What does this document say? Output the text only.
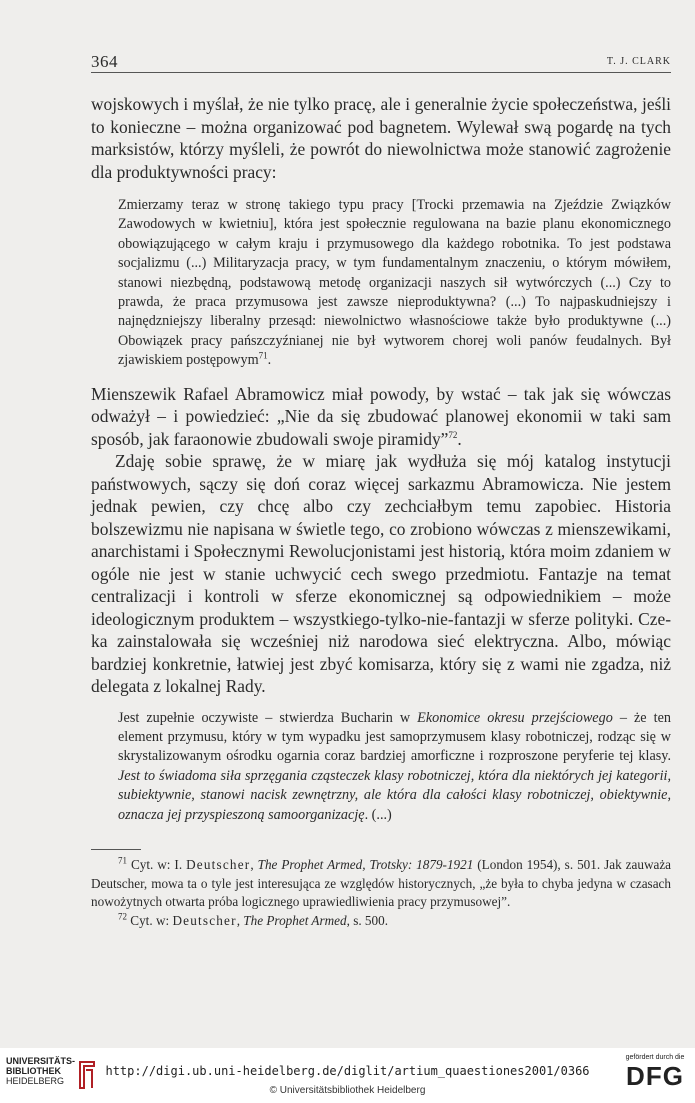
364	T. J. CLARK

wojskowych i myślał, że nie tylko pracę, ale i generalnie życie społeczeństwa, jeśli to konieczne – można organizować pod bagnetem. Wylewał swą pogardę na tych marksistów, którzy myśleli, że powrót do niewolnictwa może stanowić zagrożenie dla produktywności pracy:

Zmierzamy teraz w stronę takiego typu pracy [Trocki przemawia na Zjeździe Związków Zawodowych w kwietniu], która jest społecznie regulowana na bazie planu ekonomicznego obowiązującego w całym kraju i przymusowego dla każdego robotnika. To jest podstawa socjalizmu (...) Militaryzacja pracy, w tym fundamentalnym znaczeniu, o którym mówiłem, stanowi niezbędną, podstawową metodę organizacji naszych sił wytwórczych (...) Czy to prawda, że praca przymusowa jest zawsze nieproduktywna? (...) To najpaskudniejszy i najnędzniejszy liberalny przesąd: niewolnictwo własnościowe także było produktywne (...) Obowiązek pracy pańszczyźnianej nie był wytworem chorej woli panów feudalnych. Był zjawiskiem postępowym$^{71}$.

Mienszewik Rafael Abramowicz miał powody, by wstać – tak jak się wówczas odważył – i powiedzieć: „Nie da się zbudować planowej ekonomii w taki sam sposób, jak faraonowie zbudowali swoje piramidy”$^{72}$.

Zdaję sobie sprawę, że w miarę jak wydłuża się mój katalog instytucji państwowych, sączy się doń coraz więcej sarkazmu Abramowicza. Nie jestem jednak pewien, czy chcę albo czy zechciałbym temu zapobiec. Historia bolszewizmu nie napisana w świetle tego, co zrobiono wówczas z mienszewikami, anarchistami i Społecznymi Rewolucjonistami jest historią, która moim zdaniem w ogóle nie jest w stanie uchwycić cech swego przedmiotu. Fantazje na temat centralizacji i kontroli w sferze ekonomicznej są odpowiednikiem – może ideologicznym produktem – wszystkiego-tylko-nie-fantazji w sferze polityki. Cze-ka zainstalowała się wcześniej niż narodowa sieć elektryczna. Albo, mówiąc bardziej konkretnie, łatwiej jest zbyć komisarza, który się z wami nie zgadza, niż delegata z lokalnej Rady.

Jest zupełnie oczywiste – stwierdza Bucharin w Ekonomice okresu przejściowego – że ten element przymusu, który w tym wypadku jest samoprzymusem klasy robotniczej, rodząc się w skrystalizowanym ośrodku ogarnia coraz bardziej amorficzne i rozproszone peryferie tej klasy. Jest to świadoma siła sprzęgania cząsteczek klasy robotniczej, która dla niektórych jej kategorii, subiektywnie, stanowi nacisk zewnętrzny, ale która dla całości klasy robotniczej, obiektywnie, oznacza jej przyspieszoną samoorganizację. (...)

$^{71}$ Cyt. w: I. Deutscher, The Prophet Armed, Trotsky: 1879-1921 (London 1954), s. 501. Jak zauważa Deutscher, mowa ta o tyle jest interesująca ze względów historycznych, „że była to chyba jedyna w czasach nowożytnych otwarta próba logicznego uprawiedliwienia pracy przymusowej”.

$^{72}$ Cyt. w: Deutscher, The Prophet Armed, s. 500.

UNIVERSITÄTS-
BIBLIOTHEK
HEIDELBERG
http://digi.ub.uni-heidelberg.de/diglit/artium_quaestiones2001/0366
© Universitätsbibliothek Heidelberg
gefördert durch die
DFG
